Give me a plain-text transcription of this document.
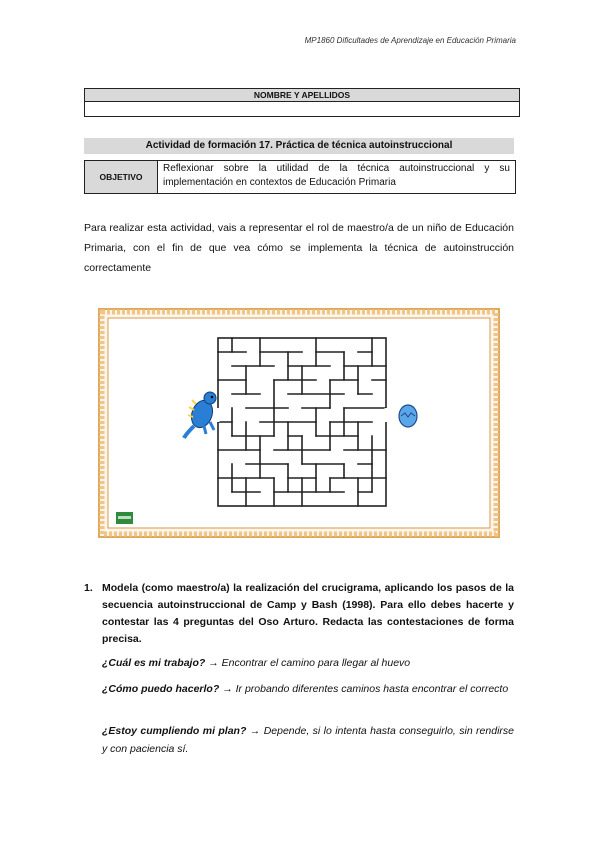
MP1860 Dificultades de Aprendizaje en Educación Primaria
NOMBRE Y APELLIDOS
Actividad de formación 17. Práctica de técnica autoinstruccional
OBJETIVO
Reflexionar sobre la utilidad de la técnica autoinstruccional y su implementación en contextos de Educación Primaria
Para realizar esta actividad, vais a representar el rol de maestro/a de un niño de Educación Primaria, con el fin de que vea cómo se implementa la técnica de autoinstrucción correctamente
1. Modela (como maestro/a) la realización del crucigrama, aplicando los pasos de la secuencia autoinstruccional de Camp y Bash (1998). Para ello debes hacerte y contestar las 4 preguntas del Oso Arturo. Redacta las contestaciones de forma precisa.
¿Cuál es mi trabajo? → Encontrar el camino para llegar al huevo
¿Cómo puedo hacerlo? → Ir probando diferentes caminos hasta encontrar el correcto
¿Estoy cumpliendo mi plan? → Depende, si lo intenta hasta conseguirlo, sin rendirse y con paciencia sí.
